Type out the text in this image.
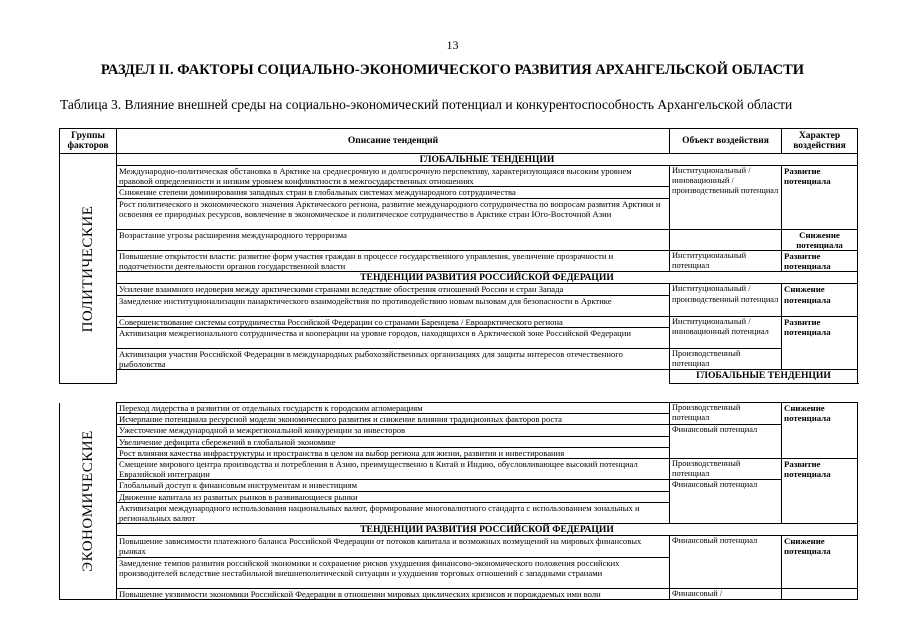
13
РАЗДЕЛ II. ФАКТОРЫ СОЦИАЛЬНО-ЭКОНОМИЧЕСКОГО РАЗВИТИЯ АРХАНГЕЛЬСКОЙ ОБЛАСТИ
Таблица 3. Влияние внешней среды на социально-экономический потенциал и конкурентоспособность Архангельской области
Группы факторов	Описание тенденций	Объект воздействия	Характер воздействия

ПОЛИТИЧЕСКИЕ	ГЛОБАЛЬНЫЕ ТЕНДЕНЦИИ		
	Международно-политическая обстановка в Арктике на среднесрочную и долгосрочную перспективу, характеризующаяся высоким уровнем правовой определенности и низким уровнем конфликтности в межгосударственных отношениях	Институциональный / инновационный / производственный потенциал	Развитие потенциала
	Снижение степени доминирования западных стран в глобальных системах международного сотрудничества		
	Рост политического и экономического значения Арктического региона, развитие международного сотрудничества по вопросам развития Арктики и освоения ее природных ресурсов, вовлечение в экономическое и политическое сотрудничество в Арктике стран Юго-Восточной Азии		
	Возрастание угрозы расширения международного терроризма		Снижение потенциала
	Повышение открытости власти: развитие форм участия граждан в процессе государственного управления, увеличение прозрачности и подотчетности деятельности органов государственной власти	Институциональный потенциал	Развитие потенциала
	ТЕНДЕНЦИИ РАЗВИТИЯ РОССИЙСКОЙ ФЕДЕРАЦИИ		
	Усиление взаимного недоверия между арктическими странами вследствие обострения отношений России и стран Запада	Институциональный / производственный потенциал	Снижение потенциала
	Замедление институционализации панарктического взаимодействия по противодействию новым вызовам для безопасности в Арктике		
	Совершенствование системы сотрудничества Российской Федерации со странами Баренцева / Евроарктического региона	Институциональный / инновационный потенциал	Развитие потенциала
	Активизация межрегионального сотрудничества и кооперации на уровне городов, находящихся в Арктической зоне Российской Федерации		
	Активизация участия Российской Федерации в международных рыбохозяйственных организациях для защиты интересов отечественного рыболовства	Производственный потенциал	
		ГЛОБАЛЬНЫЕ ТЕНДЕНЦИИ	
ЭКОНОМИЧЕСКИЕ	Переход лидерства в развитии от отдельных государств к городским агломерациям	Производственный потенциал	Снижение потенциала
	Исчерпание потенциала ресурсной модели экономического развития и снижение влияния традиционных факторов роста		
	Ужесточение международной и межрегиональной конкуренции за инвесторов	Финансовый потенциал	
	Увеличение дефицита сбережений в глобальной экономике		
	Рост влияния качества инфраструктуры и пространства в целом на выбор региона для жизни, развития и инвестирования		
	Смещение мирового центра производства и потребления в Азию, преимущественно в Китай и Индию, обусловливающее высокий потенциал Евразийской интеграции	Производственный потенциал	Развитие потенциала
	Глобальный доступ к финансовым инструментам и инвестициям	Финансовый потенциал	
	Движение капитала из развитых рынков в развивающиеся рынки		
	Активизация международного использования национальных валют, формирование многовалютного стандарта с использованием зональных и региональных валют		
	ТЕНДЕНЦИИ РАЗВИТИЯ РОССИЙСКОЙ ФЕДЕРАЦИИ		
	Повышение зависимости платежного баланса Российской Федерации от потоков капитала и возможных возмущений на мировых финансовых рынках	Финансовый потенциал	Снижение потенциала
	Замедление темпов развития российской экономики и сохранение рисков ухудшения финансово-экономического положения российских производителей вследствие нестабильной внешнеполитической ситуации и ухудшения торговых отношений с западными странами		
	Повышение уязвимости экономики Российской Федерации в отношении мировых циклических кризисов и порождаемых ими волн	Финансовый /	
